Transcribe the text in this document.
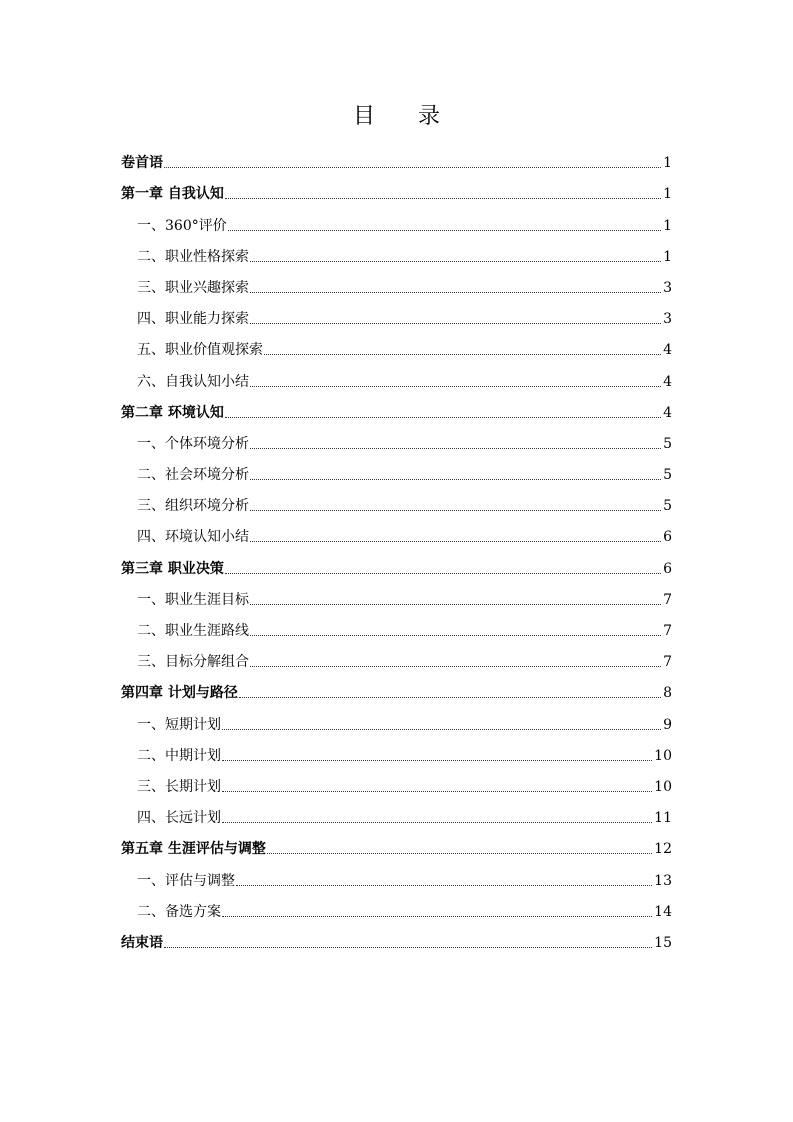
目 录
卷首语	1
第一章 自我认知	1
一、360°评价	1
二、职业性格探索	1
三、职业兴趣探索	3
四、职业能力探索	3
五、职业价值观探索	4
六、自我认知小结	4
第二章 环境认知	4
一、个体环境分析	5
二、社会环境分析	5
三、组织环境分析	5
四、环境认知小结	6
第三章 职业决策	6
一、职业生涯目标	7
二、职业生涯路线	7
三、目标分解组合	7
第四章 计划与路径	8
一、短期计划	9
二、中期计划	10
三、长期计划	10
四、长远计划	11
第五章 生涯评估与调整	12
一、评估与调整	13
二、备选方案	14
结束语	15
